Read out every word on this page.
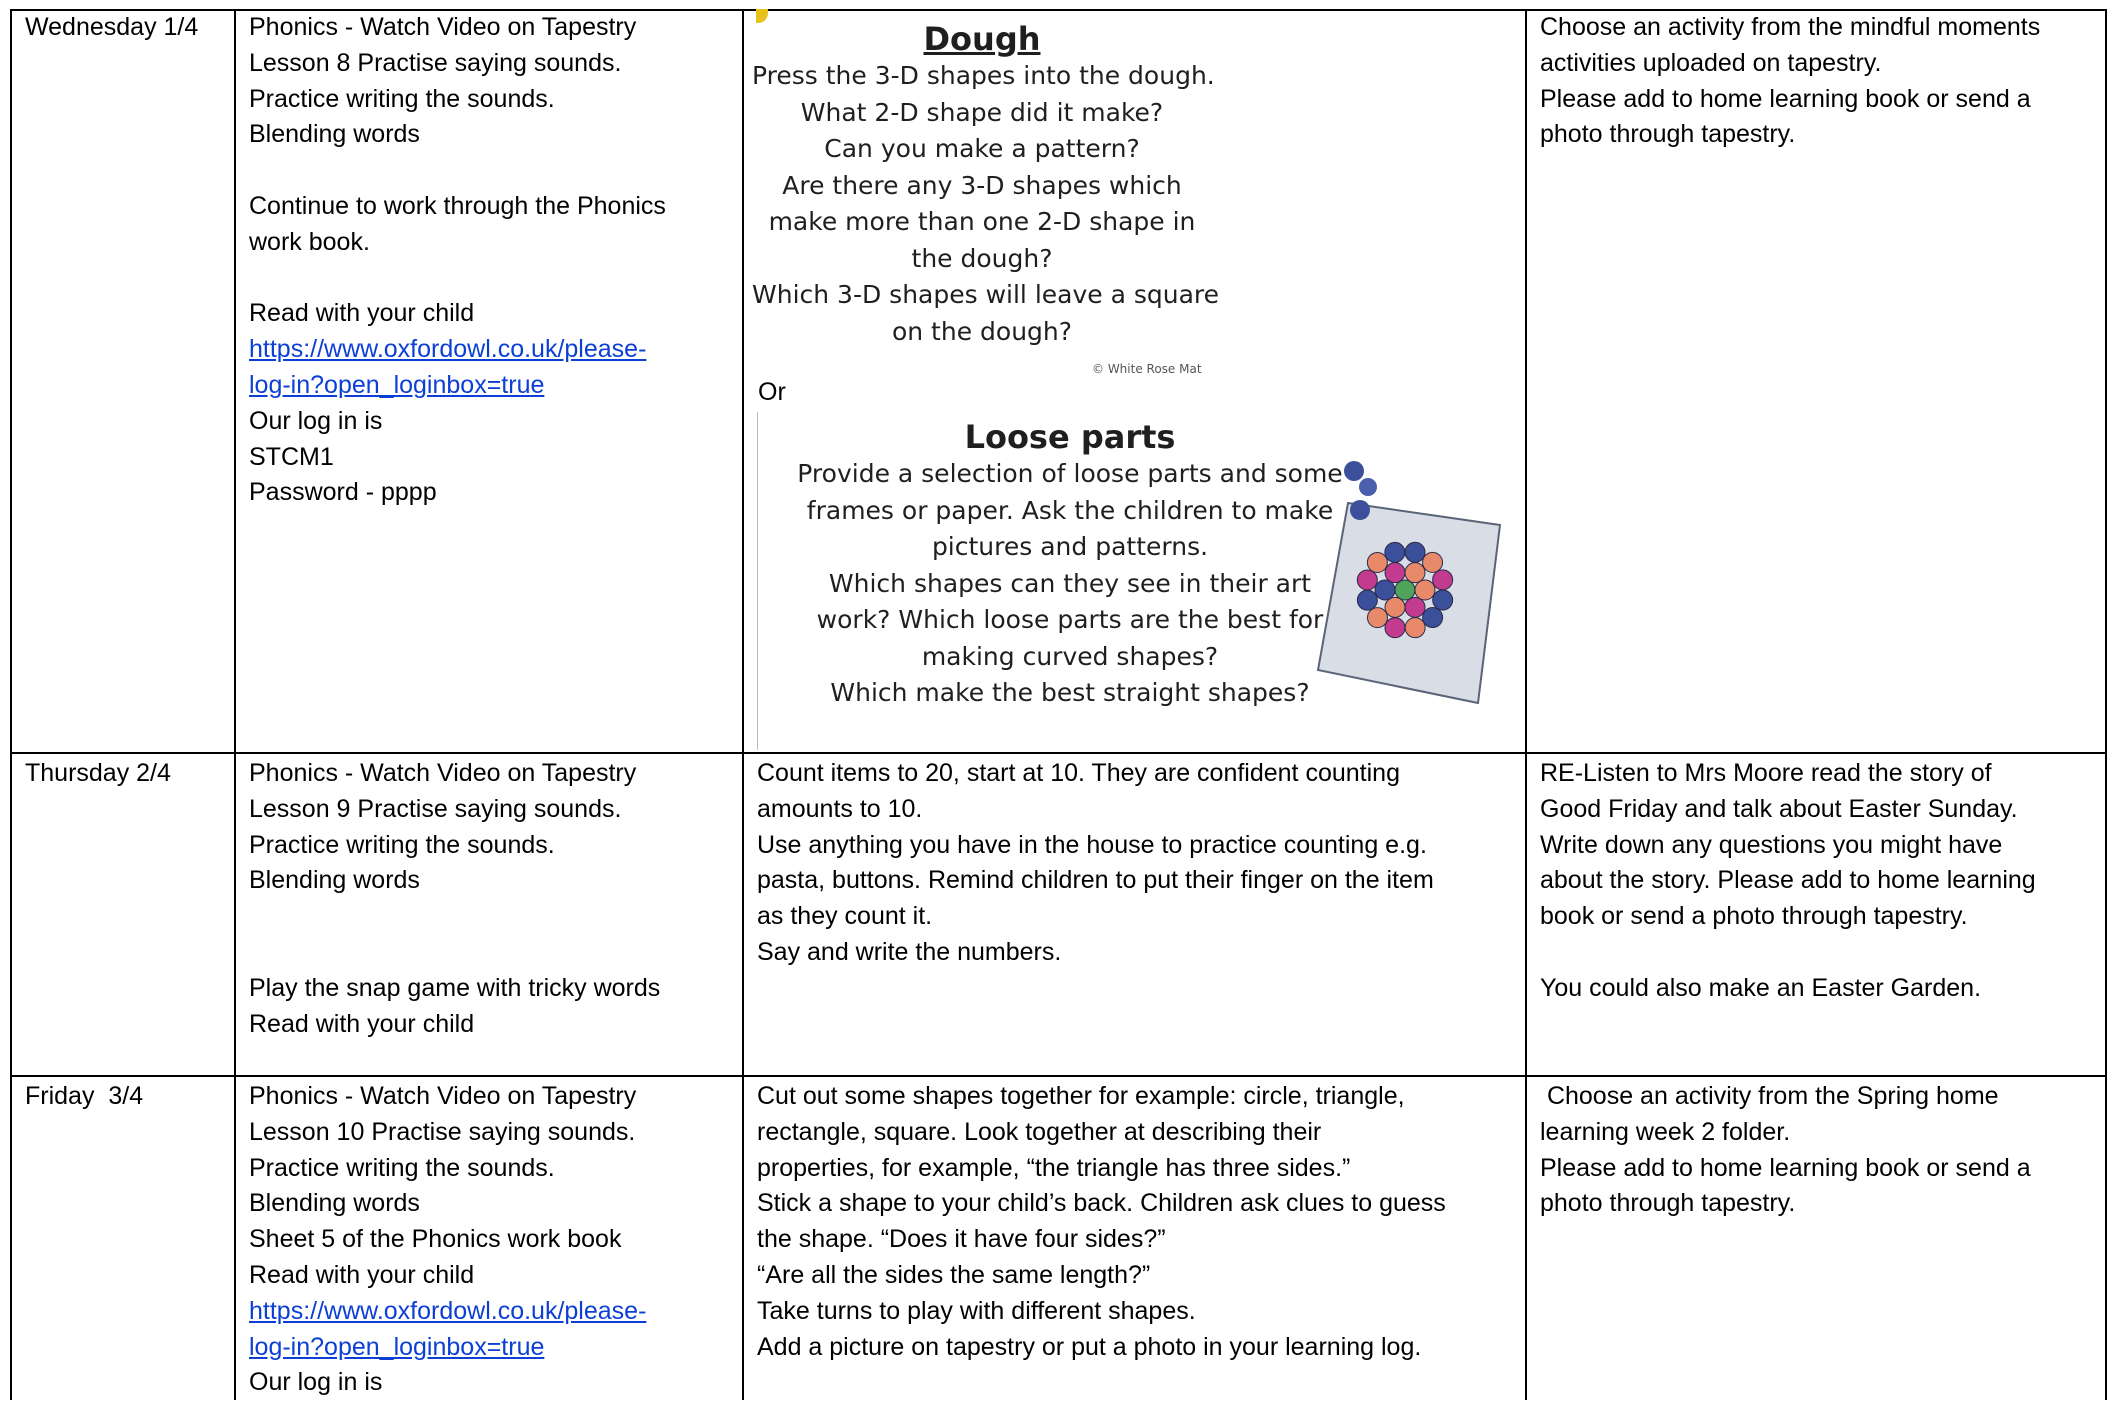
Wednesday 1/4 Phonics - Watch Video on Tapestry

Lesson 8 Practise saying sounds.

Practice writing the sounds.

Blending words

Continue to work through the Phonics

work book.

Read with your child

https://www.oxfordowl.co.uk/please-

log-in?open_loginbox=true

Our log in is

STCM1

Password - pppp

Dough
Press the 3-D shapes into the dough.
What 2-D shape did it make?
Can you make a pattern?
Are there any 3-D shapes which
make more than one 2-D shape in
the dough?
Which 3-D shapes will leave a square
on the dough?
© White Rose Mat

Or

Loose parts
Provide a selection of loose parts and some
frames or paper. Ask the children to make
pictures and patterns.
Which shapes can they see in their art
work? Which loose parts are the best for
making curved shapes?
Which make the best straight shapes?

Choose an activity from the mindful moments

activities uploaded on tapestry.

Please add to home learning book or send a

photo through tapestry.

Thursday 2/4	Phonics - Watch Video on Tapestry

Lesson 9 Practise saying sounds.

Practice writing the sounds.

Blending words

Play the snap game with tricky words

Read with your child

Count items to 20, start at 10. They are confident counting

amounts to 10.

Use anything you have in the house to practice counting e.g.

pasta, buttons. Remind children to put their finger on the item

as they count it.

Say and write the numbers.

RE-Listen to Mrs Moore read the story of

Good Friday and talk about Easter Sunday.

Write down any questions you might have

about the story. Please add to home learning

book or send a photo through tapestry.

You could also make an Easter Garden.

Friday  3/4	Phonics - Watch Video on Tapestry

Lesson 10 Practise saying sounds.

Practice writing the sounds.

Blending words

Sheet 5 of the Phonics work book

Read with your child

https://www.oxfordowl.co.uk/please-

log-in?open_loginbox=true

Our log in is

Cut out some shapes together for example: circle, triangle,

rectangle, square. Look together at describing their

properties, for example, “the triangle has three sides.”

Stick a shape to your child’s back. Children ask clues to guess

the shape. “Does it have four sides?”

“Are all the sides the same length?”

Take turns to play with different shapes.

Add a picture on tapestry or put a photo in your learning log.

Choose an activity from the Spring home

learning week 2 folder.

Please add to home learning book or send a

photo through tapestry.
